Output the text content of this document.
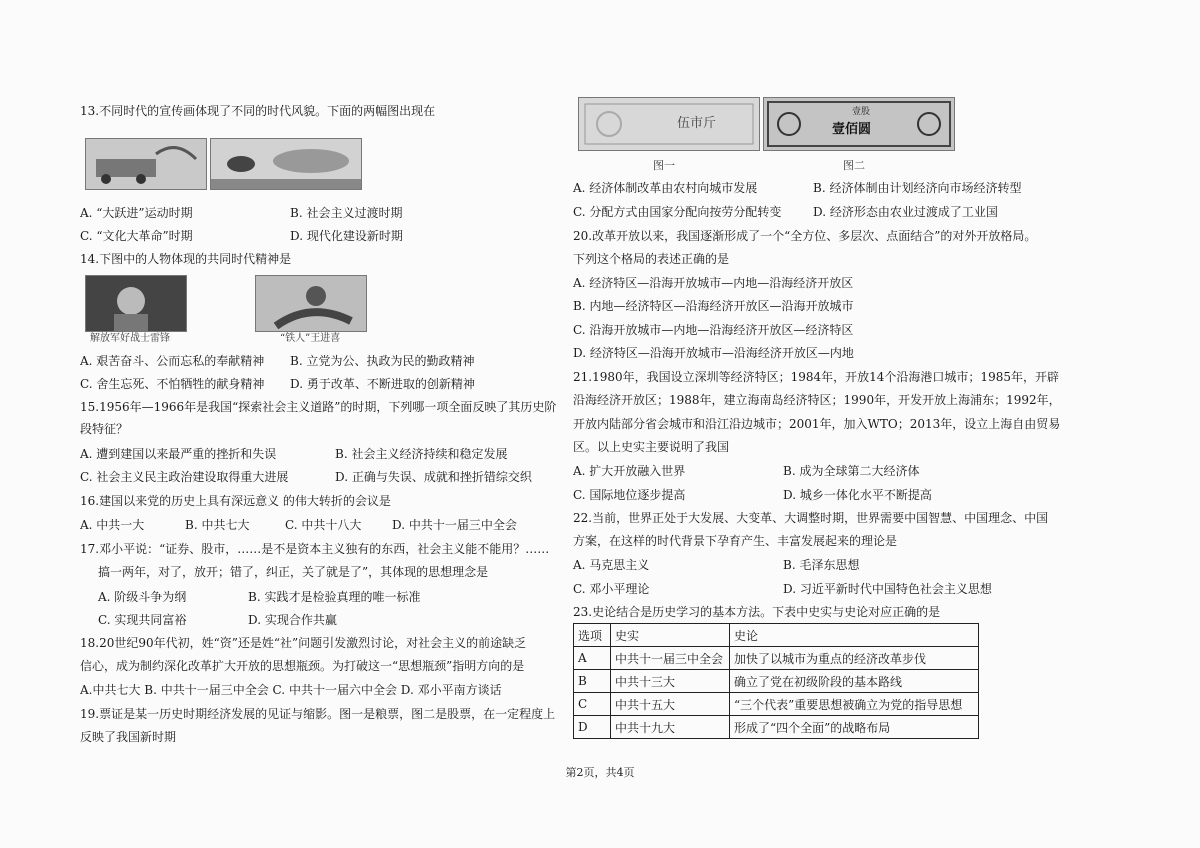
13.不同时代的宣传画体现了不同的时代风貌。下面的两幅图出现在
A. “大跃进”运动时期	B. 社会主义过渡时期
C. “文化大革命”时期	D. 现代化建设新时期
14.下图中的人物体现的共同时代精神是
解放军好战士雷锋	“铁人”王进喜
A. 艰苦奋斗、公而忘私的奉献精神 B. 立党为公、执政为民的勤政精神
C. 舍生忘死、不怕牺牲的献身精神 D. 勇于改革、不断进取的创新精神
15.1956年—1966年是我国“探索社会主义道路”的时期，下列哪一项全面反映了其历史阶
段特征？
A. 遭到建国以来最严重的挫折和失误	B. 社会主义经济持续和稳定发展
C. 社会主义民主政治建设取得重大进展	D. 正确与失误、成就和挫折错综交织
16.建国以来党的历史上具有深远意义 的伟大转折的会议是
A. 中共一大	B. 中共七大	C. 中共十八大	D. 中共十一届三中全会
17.邓小平说：“证券、股市，……是不是资本主义独有的东西，社会主义能不能用？……
搞一两年，对了，放开；错了，纠正，关了就是了”，其体现的思想理念是
A. 阶级斗争为纲	B. 实践才是检验真理的唯一标准
C. 实现共同富裕	D. 实现合作共赢
18.20世纪90年代初，姓“资”还是姓“社”问题引发激烈讨论，对社会主义的前途缺乏
信心，成为制约深化改革扩大开放的思想瓶颈。为打破这一“思想瓶颈”指明方向的是
A.中共七大 B. 中共十一届三中全会 C. 中共十一届六中全会 D. 邓小平南方谈话
19.票证是某一历史时期经济发展的见证与缩影。图一是粮票，图二是股票，在一定程度上
反映了我国新时期
伍市斤
壹股
壹佰圆
图一	图二
A. 经济体制改革由农村向城市发展	B. 经济体制由计划经济向市场经济转型
C. 分配方式由国家分配向按劳分配转变	D. 经济形态由农业过渡成了工业国
20.改革开放以来，我国逐渐形成了一个“全方位、多层次、点面结合”的对外开放格局。
下列这个格局的表述正确的是
A. 经济特区—沿海开放城市—内地—沿海经济开放区
B. 内地—经济特区—沿海经济开放区—沿海开放城市
C. 沿海开放城市—内地—沿海经济开放区—经济特区
D. 经济特区—沿海开放城市—沿海经济开放区—内地
21.1980年，我国设立深圳等经济特区；1984年，开放14个沿海港口城市；1985年，开辟
沿海经济开放区；1988年，建立海南岛经济特区；1990年，开发开放上海浦东；1992年，
开放内陆部分省会城市和沿江沿边城市；2001年，加入WTO；2013年，设立上海自由贸易
区。以上史实主要说明了我国
A. 扩大开放融入世界	B. 成为全球第二大经济体
C. 国际地位逐步提高	D. 城乡一体化水平不断提高
22.当前，世界正处于大发展、大变革、大调整时期，世界需要中国智慧、中国理念、中国
方案，在这样的时代背景下孕育产生、丰富发展起来的理论是
A. 马克思主义	B. 毛泽东思想
C. 邓小平理论	D. 习近平新时代中国特色社会主义思想
23.史论结合是历史学习的基本方法。下表中史实与史论对应正确的是
选项	史实	史论
A	中共十一届三中全会	加快了以城市为重点的经济改革步伐
B	中共十三大	确立了党在初级阶段的基本路线
C	中共十五大	“三个代表”重要思想被确立为党的指导思想
D	中共十九大	形成了“四个全面”的战略布局
第2页，共4页
